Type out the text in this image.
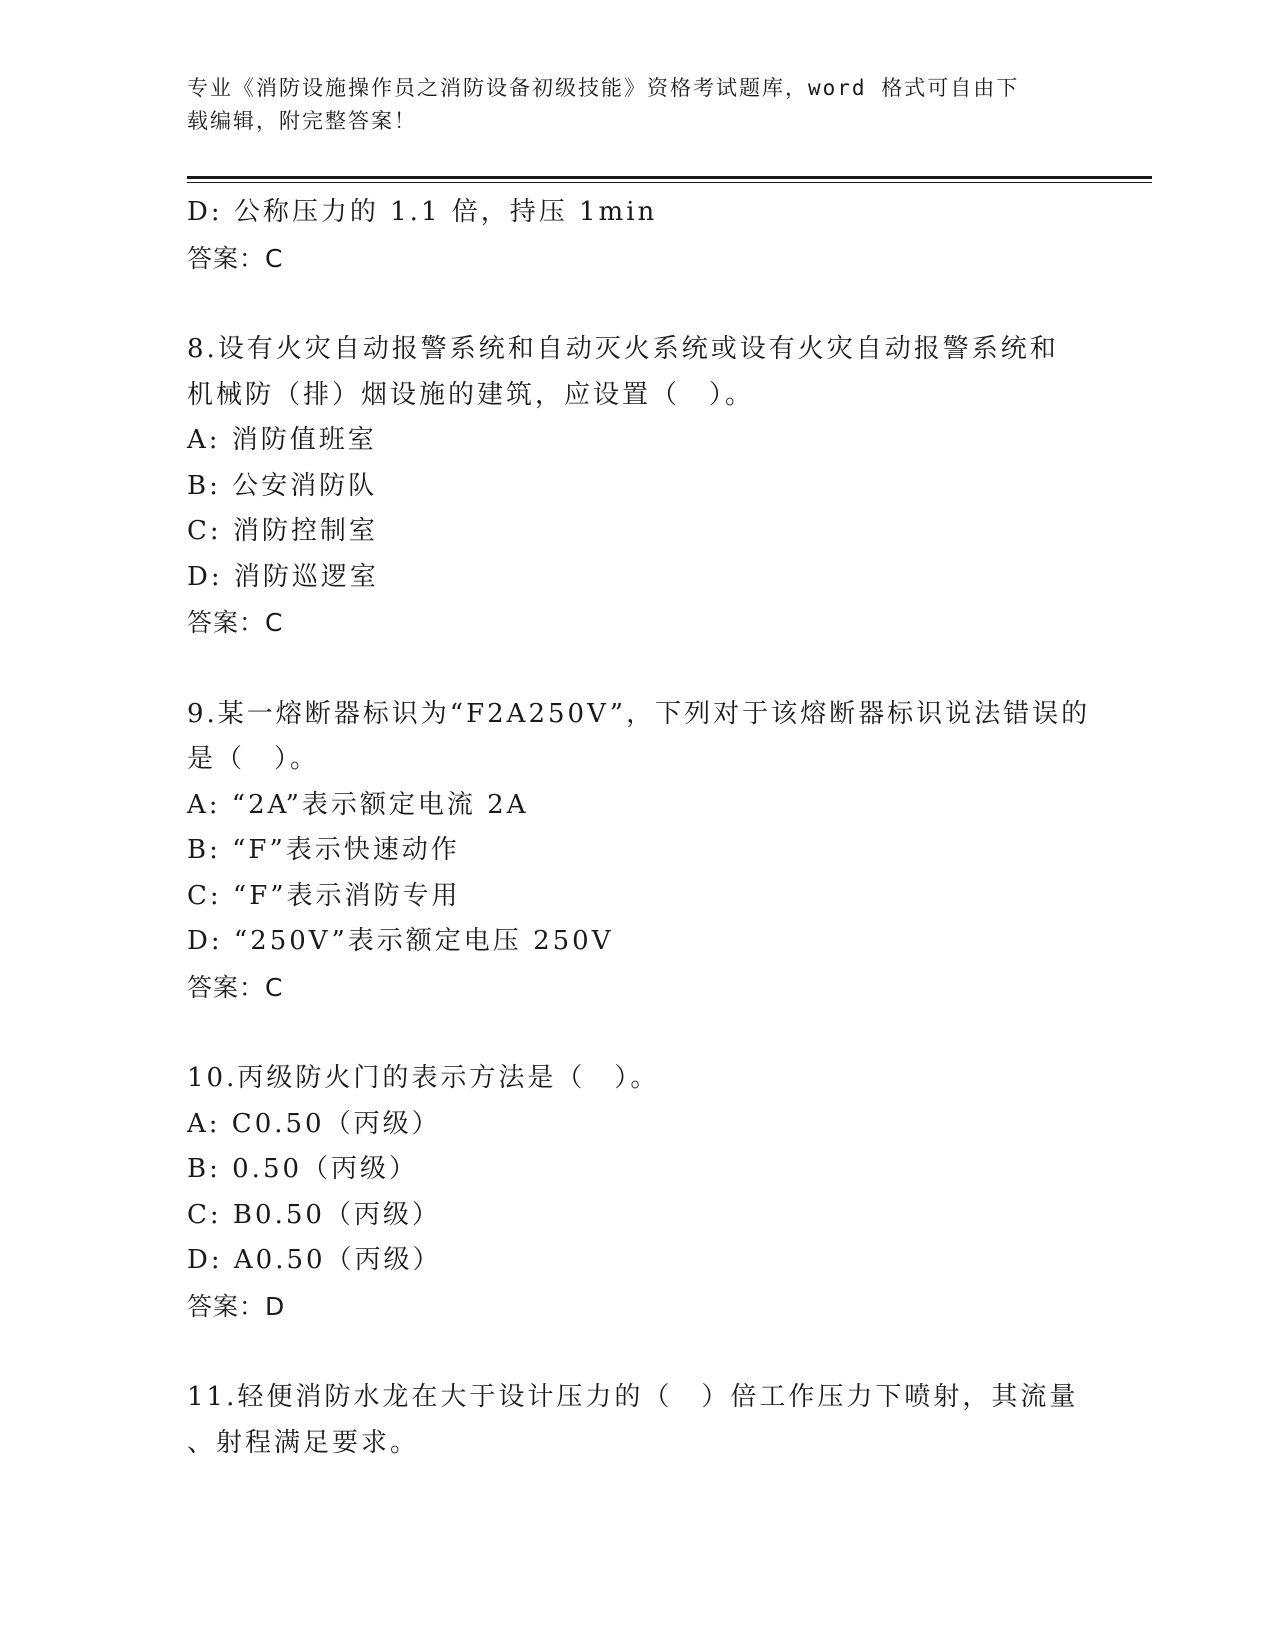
专业《消防设施操作员之消防设备初级技能》资格考试题库，word 格式可自由下
载编辑，附完整答案！
D: 公称压力的 1.1 倍，持压 1min
答案：C
8.设有火灾自动报警系统和自动灭火系统或设有火灾自动报警系统和
机械防（排）烟设施的建筑，应设置（　）。
A: 消防值班室
B: 公安消防队
C: 消防控制室
D: 消防巡逻室
答案：C
9.某一熔断器标识为“F2A250V”，下列对于该熔断器标识说法错误的
是（　）。
A: “2A”表示额定电流 2A
B: “F”表示快速动作
C: “F”表示消防专用
D: “250V”表示额定电压 250V
答案：C
10.丙级防火门的表示方法是（　）。
A: C0.50（丙级）
B: 0.50（丙级）
C: B0.50（丙级）
D: A0.50（丙级）
答案：D
11.轻便消防水龙在大于设计压力的（　）倍工作压力下喷射，其流量
、射程满足要求。
